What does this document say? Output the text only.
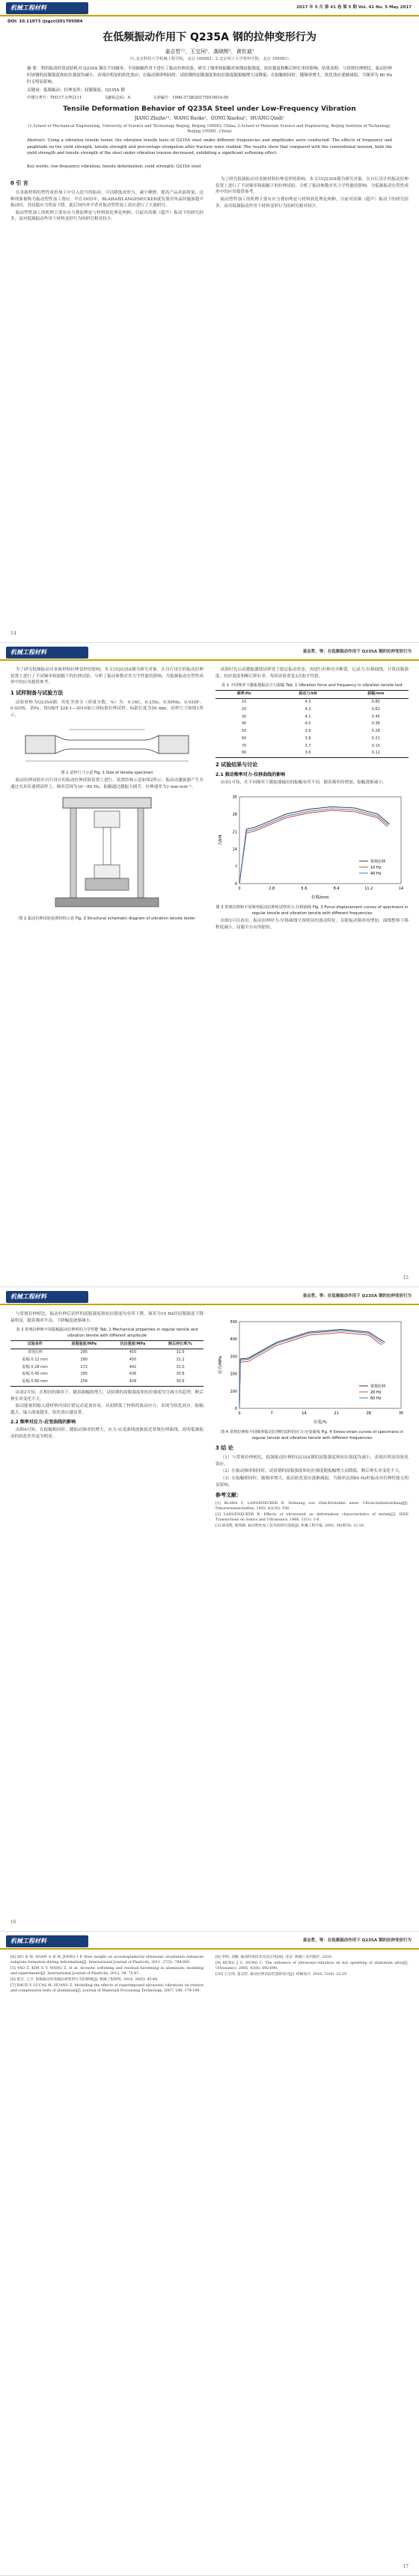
机械工程材料	2017 年 5 月 第 41 卷 第 5 期 Vol. 41 No. 5 May 2017
DOI: 10.11973 /jxgccl201705004
在低频振动作用下 Q235A 钢的拉伸变形行为
姜志哲¹²，王宝珂¹，龚晓辉¹，黄钦迪¹
(1.北京科技大学机械工程学院，北京 100083；2.北京理工大学材料学院，北京 100081)
摘 要：利用振动时效试验机对 Q235A 钢在不同频率、不同振幅作用下进行了振动拉伸试验，研究了频率和振幅对该钢屈服强度、抗拉强度和断后伸长率的影响。结果表明：与常规拉伸相比，振动拉伸时该钢的屈服强度和抗拉强度均减小，表现出明显的软化效应；在振动频率相同时，试验钢的屈服强度和抗拉强度随振幅增大而降低；在振幅相同时，随频率增大，软化效应逐渐减弱，当频率为 80 Hz 时无明显影响。
关键词：低频振动；拉伸变形；屈服强度；Q235A 钢
中图分类号：TH117.1/TG111	文献标志码：A	文章编号：1000-3738(2017)05-0014-05
Tensile Deformation Behavior of Q235A Steel under Low-Frequency Vibration
JIANG Zhizhe¹²，WANG Baoke¹，GONG Xiaohui¹，HUANG Qindi¹
(1.School of Mechanical Engineering, University of Science and Technology Beijing, Beijing 100083, China; 2.School of Materials Science and Engineering, Beijing Institute of Technology, Beijing 100081, China)
Abstract: Using a vibration tensile tester, the vibration tensile tests of Q235A steel under different frequencies and amplitudes were conducted. The effects of frequency and amplitude on the yield strength, tensile strength and percentage elongation after fracture were studied. The results show that compared with the conventional tension, both the yield strength and tensile strength of the steel under vibration tension decreased, exhibiting a significant softening effect.
Key words: low-frequency vibration; tensile deformation; yield strength; Q235A steel
0 引 言
在金属材料的塑性成形加工中引入适当的振动，可以降低成形力、减小摩擦、提高产品表面质量，这种现象被称为振动塑性加工效应。早在1955年，BLAHA和LANGENECKER就发现对单晶锌施加超声振动时，其屈服应力明显下降，此后国内外学者对振动塑性加工效应进行了大量研究。
振动塑性加工的机理主要有应力叠加理论与材料软化理论两种。目前对高频（超声）振动下的研究较多，而对低频振动作用下材料变形行为的研究相对较少。
为了研究低频振动对金属材料拉伸变形的影响，本文以Q235A钢为研究对象，在自行设计的振动拉伸装置上进行了不同频率和振幅下的拉伸试验，分析了振动参数对其力学性能的影响，为低频振动在塑性成形中的应用提供参考。
振动塑性加工的机理主要有应力叠加理论与材料软化理论两种。目前对高频（超声）振动下的研究较多，而对低频振动作用下材料变形行为的研究相对较少。
14
机械工程材料	姜志哲，等：在低频振动作用下 Q235A 钢的拉伸变形行为
为了研究低频振动对金属材料拉伸变形的影响，本文以Q235A钢为研究对象，在自行设计的振动拉伸装置上进行了不同频率和振幅下的拉伸试验，分析了振动参数对其力学性能的影响，为低频振动在塑性成形中的应用提供参考。
1 试样制备与试验方法
试验材料为Q235A钢，其化学成分（质量分数，%）为：0.16C，0.25Si，0.50Mn，0.030P，0.025S，余Fe。按GB/T 228.1—2010加工成标准拉伸试样，标距长度为50 mm，试样尺寸如图1所示。
图 1 试样尺寸示意 Fig. 1 Size of tensile specimen
振动拉伸试验在自行设计的振动拉伸试验装置上进行，装置结构示意如图2所示。振动由激振器产生并通过夹具传递到试样上，频率范围为10～80 Hz，振幅通过激振力调节。拉伸速率为2 mm·min⁻¹。
图 2 振动拉伸试验装置结构示意 Fig. 2 Structural schematic diagram of vibration tensile tester
试验时先启动激振器使试样处于稳定振动状态，再进行拉伸直至断裂，记录力-位移曲线，计算屈服强度、抗拉强度和断后伸长率，每组试验重复3次取平均值。
表 1 不同频率下激振器振动力与振幅 Tab. 1 Vibration force and frequency in vibration tensile test
频率/Hz	振动力/kN	振幅/mm
10	4.3	0.80
20	4.2	0.62
30	4.1	0.45
40	4.0	0.36
50	3.9	0.28
60	3.8	0.21
70	3.7	0.15
80	3.6	0.12
2 试验结果与讨论
2.1 振动频率对力-位移曲线的影响
由表1可知，在不同频率下激振器输出的振幅有所不同，随着频率的增加，振幅逐渐减小。
0
0
2.8
7
5.6
14
8.4
21
11.2
28
14
35
位移/mm
力/kN
常规拉伸
10 Hz
40 Hz
图 3 常规拉伸和不同频率振动拉伸时试样的力-位移曲线 Fig. 3 Force-displacement curves of specimens in regular tensile and vibration tensile with different frequencies
由图3可以看出，振动拉伸时力-位移曲线呈现明显的波动特征，且随振动频率的增加，曲线整体下移程度减小，屈服平台有所缩短。
15
机械工程材料	姜志哲，等：在低频振动作用下 Q235A 钢的拉伸变形行为
与常规拉伸相比，振动拉伸后试样的屈服强度和抗拉强度均有所下降。频率为10 Hz时屈服强度下降最明显，随着频率升高，下降幅度逐渐减小。
表 2 常规拉伸和不同振幅振动拉伸时的力学性能 Tab. 2 Mechanical properties in regular tensile and vibration tensile with different amplitude
试验条件	屈服强度/MPa	抗拉强度/MPa	断后伸长率/%
常规拉伸	285	455	31.5
振幅 0.12 mm	280	450	31.2
振幅 0.28 mm	272	442	31.0
振幅 0.45 mm	265	436	30.8
振幅 0.80 mm	256	428	30.6
由表2可知，在相同的频率下，随着振幅的增大，试验钢的屈服强度和抗拉强度均呈减小的趋势，断后伸长率变化不大。
振动能量的输入使材料内部位错运动更加容易，从而降低了材料的流动应力，表现为软化效应。振幅越大，输入能量越多，软化效应越显著。
2.2 频率对应力-应变曲线的影响
由图4可知，在振幅相同时，随振动频率的增大，应力-应变曲线逐渐接近常规拉伸曲线，说明低频振动的软化作用更为明显。
0
0
7
100
14
200
21
300
28
400
35
500
应变/%
应力/MPa
常规拉伸
20 Hz
60 Hz
图 4 常规拉伸和不同频率振动拉伸时试样的应力-应变曲线 Fig. 4 Stress-strain curves of specimens in regular tensile and vibration tensile with different frequencies
3 结 论
（1）与常规拉伸相比，低频振动拉伸时Q235A钢的屈服强度和抗拉强度均减小，表现出明显的软化效应。
（2）在振动频率相同时，试验钢的屈服强度和抗拉强度随振幅增大而降低，断后伸长率变化不大。
（3）在振幅相同时，随频率增大，振动软化效应逐渐减弱，当频率达到80 Hz时振动对拉伸性能无明显影响。
参考文献：
[1] BLAHA F, LANGENECKER B. Dehnung von Zink-Kristallen unter Ultraschalleinwirkung[J]. Naturwissenschaften, 1955, 42(20): 556.
[2] LANGENECKER B. Effects of ultrasound on deformation characteristics of metals[J]. IEEE Transactions on Sonics and Ultrasonics, 1966, 13(1): 1-8.
[3] 韩清凯, 闻邦椿. 振动塑性加工技术的研究进展[J]. 机械工程学报, 2002, 38(增刊): 12-16.
16
机械工程材料	姜志哲，等：在低频振动作用下 Q235A 钢的拉伸变形行为
[4] SIU K W, NGAN A H W, JONES I P. New insight on acoustoplasticity-ultrasonic irradiation enhances subgrain formation during deformation[J]. International Journal of Plasticity, 2011, 27(5): 788-800.
[5] YAO Z, KIM G Y, WANG Z, et al. Acoustic softening and residual hardening in aluminum: modeling and experiments[J]. International Journal of Plasticity, 2012, 39: 75-87.
[6] 张宝, 王卫. 低频振动对金属拉伸变形行为的影响[J]. 机械工程材料, 2014, 38(6): 45-48.
[7] DAUD Y, LUCAS M, HUANG Z. Modelling the effects of superimposed ultrasonic vibrations on tension and compression tests of aluminium[J]. Journal of Materials Processing Technology, 2007, 186: 179-190.
[8] 李明, 刘强. 振动时效技术及其应用[M]. 北京: 机械工业出版社, 2010.
[9] HUNG J C, HUNG C. The influence of ultrasonic-vibration on hot upsetting of aluminum alloy[J]. Ultrasonics, 2005, 43(8): 692-698.
[10] 王宝珂, 姜志哲. 振动拉伸试验装置的设计[J]. 机械设计, 2016, 33(4): 22-25.
17
